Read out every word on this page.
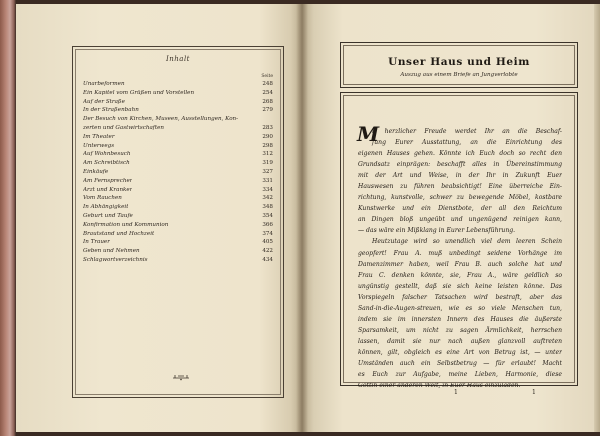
Inhalt
Seite
Unarbeformen	248
Ein Kapitel vom Grüßen und Vorstellen	254
Auf der Straße	268
In der Straßenbahn	279
Der Besuch von Kirchen, Museen, Ausstellungen, Kon-
zerten und Gastwirtschaften	283
Im Theater	290
Unterwegs	298
Auf Wohnbesuch	312
Am Schreibtisch	319
Einkäufe	327
Am Fernsprecher	331
Arzt und Kranker	334
Vom Rauchen	342
In Abhängigkeit	348
Geburt und Taufe	354
Konfirmation und Kommunion	366
Brautstand und Hochzeit	374
In Trauer	405
Geben und Nehmen	422
Schlagwortverzeichnis	434
Unser Haus und Heim
Auszug aus einem Briefe an Jungverlobte
it herzlicher Freude werdet Ihr an die Beschaf-
fung Eurer Ausstattung, an die Einrichtung des
eigenen Hauses gehen. Könnte ich Euch doch so recht den
Grundsatz einprägen: beschafft alles in Übereinstimmung
mit der Art und Weise, in der Ihr in Zukunft Euer
Hauswesen zu führen beabsichtigt! Eine überreiche Ein-
richtung, kunstvolle, schwer zu bewegende Möbel, kostbare
Kunstwerke und ein Dienstbote, der all den Reichtum
an Dingen bloß ungeübt und ungenügend reinigen kann,
— das wäre ein Mißklang in Eurer Lebensführung.
Heutzutage wird so unendlich viel dem leeren Schein
geopfert! Frau A. muß unbedingt seidene Vorhänge im
Damenzimmer haben, weil Frau B. auch solche hat und
Frau C. denken könnte, sie, Frau A., wäre geldlich so
ungünstig gestellt, daß sie sich keine leisten könne. Das
Vorspiegeln falscher Tatsachen wird bestraft, aber das
Sand-in-die-Augen-streuen, wie es so viele Menschen tun,
indem sie im innersten Innern des Hauses die äußerste
Sparsamkeit, um nicht zu sagen Ärmlichkeit, herrschen
lassen, damit sie nur nach außen glanzvoll auftreten
können, gilt, obgleich es eine Art von Betrug ist, — unter
Umständen auch ein Selbstbetrug — für erlaubt! Macht
es Euch zur Aufgabe, meine Lieben, Harmonie, diese
Göttin einer anderen Welt, in Euer Haus einzuladen.
M
1	1
